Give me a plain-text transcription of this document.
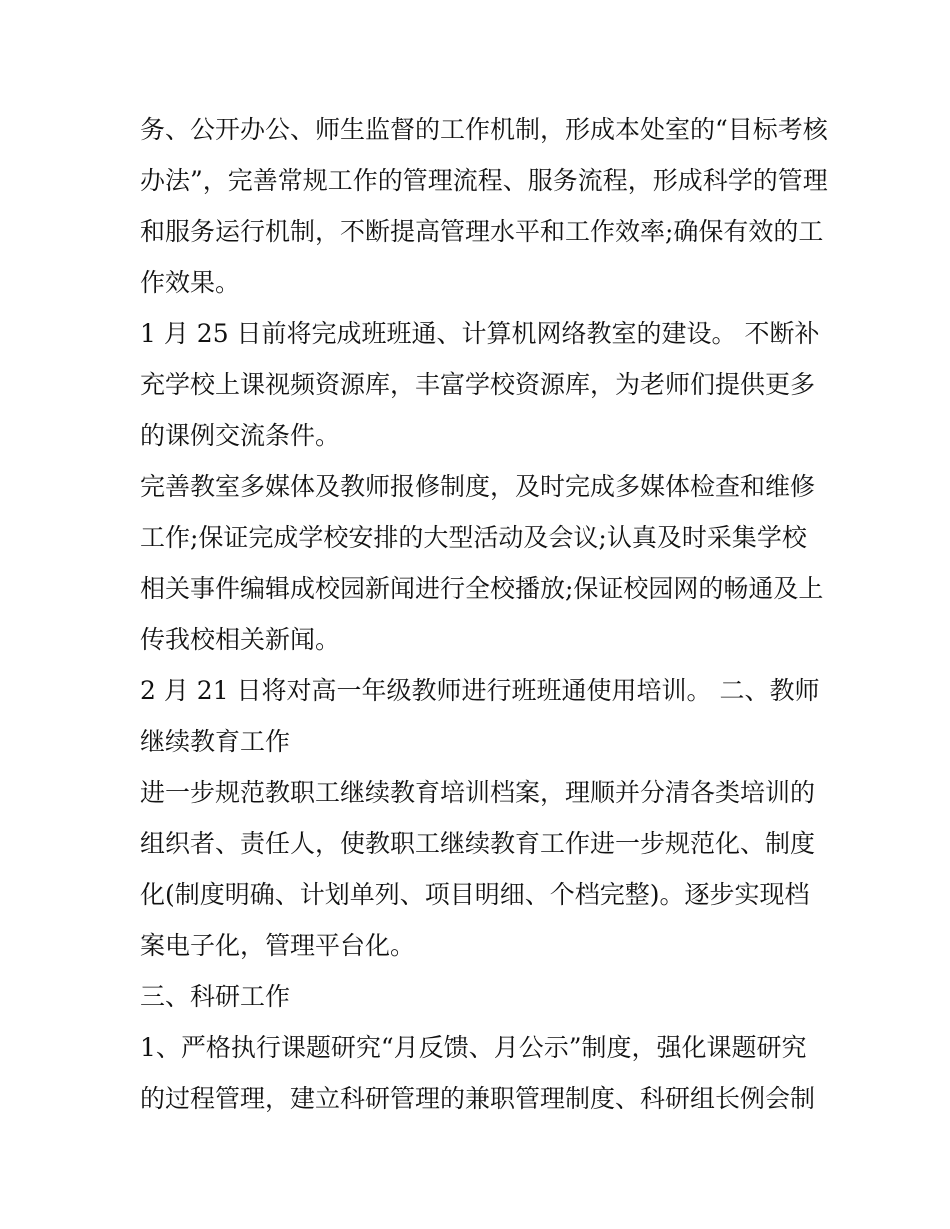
务、公开办公、师生监督的工作机制，形成本处室的“目标考核办法”，完善常规工作的管理流程、服务流程，形成科学的管理和服务运行机制，不断提高管理水平和工作效率;确保有效的工作效果。

1 月 25 日前将完成班班通、计算机网络教室的建设。 不断补充学校上课视频资源库，丰富学校资源库，为老师们提供更多的课例交流条件。

完善教室多媒体及教师报修制度，及时完成多媒体检查和维修工作;保证完成学校安排的大型活动及会议;认真及时采集学校相关事件编辑成校园新闻进行全校播放;保证校园网的畅通及上传我校相关新闻。

2 月 21 日将对高一年级教师进行班班通使用培训。 二、教师继续教育工作

进一步规范教职工继续教育培训档案，理顺并分清各类培训的组织者、责任人，使教职工继续教育工作进一步规范化、制度化(制度明确、计划单列、项目明细、个档完整)。逐步实现档案电子化，管理平台化。

三、科研工作

1、严格执行课题研究“月反馈、月公示”制度，强化课题研究的过程管理，建立科研管理的兼职管理制度、科研组长例会制
